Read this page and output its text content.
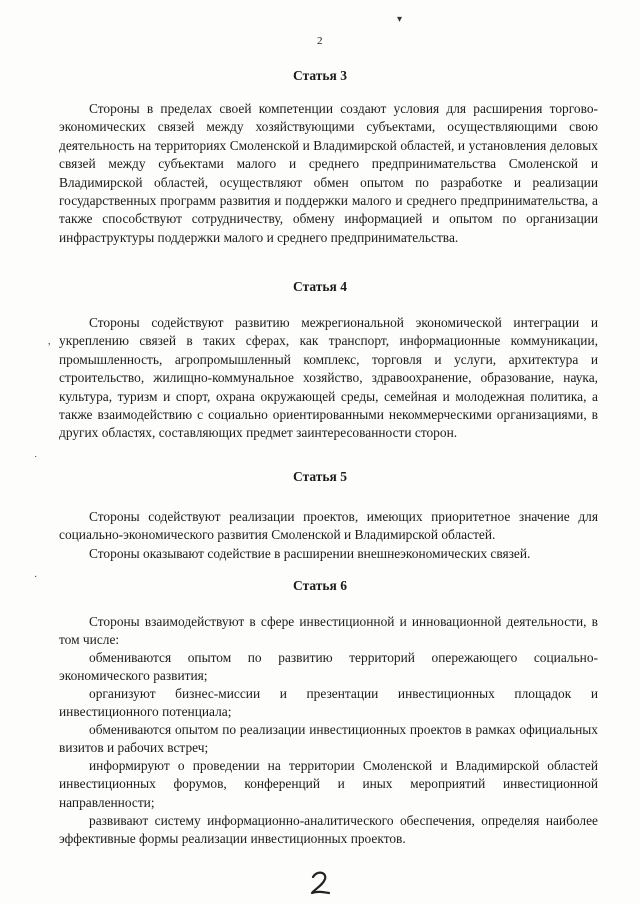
2
Статья 3

Стороны в пределах своей компетенции создают условия для расширения торгово-экономических связей между хозяйствующими субъектами, осуществляющими свою деятельность на территориях Смоленской и Владимирской областей, и установления деловых связей между субъектами малого и среднего предпринимательства Смоленской и Владимирской областей, осуществляют обмен опытом по разработке и реализации государственных программ развития и поддержки малого и среднего предпринимательства, а также способствуют сотрудничеству, обмену информацией и опытом по организации инфраструктуры поддержки малого и среднего предпринимательства.

Статья 4

Стороны содействуют развитию межрегиональной экономической интеграции и укреплению связей в таких сферах, как транспорт, информационные коммуникации, промышленность, агропромышленный комплекс, торговля и услуги, архитектура и строительство, жилищно-коммунальное хозяйство, здравоохранение, образование, наука, культура, туризм и спорт, охрана окружающей среды, семейная и молодежная политика, а также взаимодействию с социально ориентированными некоммерческими организациями, в других областях, составляющих предмет заинтересованности сторон.

Статья 5

Стороны содействуют реализации проектов, имеющих приоритетное значение для социально-экономического развития Смоленской и Владимирской областей.

Стороны оказывают содействие в расширении внешнеэкономических связей.

Статья 6

Стороны взаимодействуют в сфере инвестиционной и инновационной деятельности, в том числе:

обмениваются опытом по развитию территорий опережающего социально-экономического развития;

организуют бизнес-миссии и презентации инвестиционных площадок и инвестиционного потенциала;

обмениваются опытом по реализации инвестиционных проектов в рамках официальных визитов и рабочих встреч;

информируют о проведении на территории Смоленской и Владимирской областей инвестиционных форумов, конференций и иных мероприятий инвестиционной направленности;

развивают систему информационно-аналитического обеспечения, определяя наиболее эффективные формы реализации инвестиционных проектов.

▾
,
˙
·
